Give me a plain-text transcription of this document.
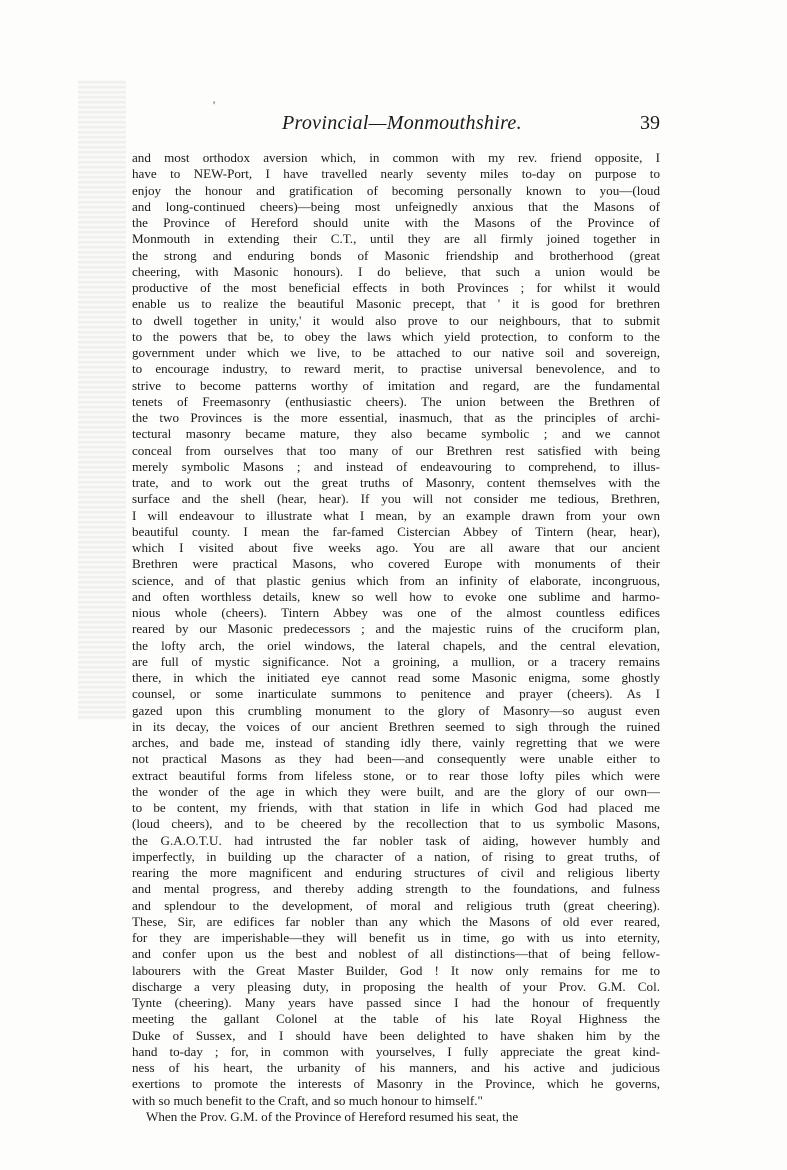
'
Provincial—Monmouthshire.	39
and most orthodox aversion which, in common with my rev. friend opposite, I
have to NEW-Port, I have travelled nearly seventy miles to-day on purpose to
enjoy the honour and gratification of becoming personally known to you—(loud
and long-continued cheers)—being most unfeignedly anxious that the Masons of
the Province of Hereford should unite with the Masons of the Province of
Monmouth in extending their C.T., until they are all firmly joined together in
the strong and enduring bonds of Masonic friendship and brotherhood (great
cheering, with Masonic honours). I do believe, that such a union would be
productive of the most beneficial effects in both Provinces ; for whilst it would
enable us to realize the beautiful Masonic precept, that ' it is good for brethren
to dwell together in unity,' it would also prove to our neighbours, that to submit
to the powers that be, to obey the laws which yield protection, to conform to the
government under which we live, to be attached to our native soil and sovereign,
to encourage industry, to reward merit, to practise universal benevolence, and to
strive to become patterns worthy of imitation and regard, are the fundamental
tenets of Freemasonry (enthusiastic cheers). The union between the Brethren of
the two Provinces is the more essential, inasmuch, that as the principles of archi-
tectural masonry became mature, they also became symbolic ; and we cannot
conceal from ourselves that too many of our Brethren rest satisfied with being
merely symbolic Masons ; and instead of endeavouring to comprehend, to illus-
trate, and to work out the great truths of Masonry, content themselves with the
surface and the shell (hear, hear). If you will not consider me tedious, Brethren,
I will endeavour to illustrate what I mean, by an example drawn from your own
beautiful county. I mean the far-famed Cistercian Abbey of Tintern (hear, hear),
which I visited about five weeks ago. You are all aware that our ancient
Brethren were practical Masons, who covered Europe with monuments of their
science, and of that plastic genius which from an infinity of elaborate, incongruous,
and often worthless details, knew so well how to evoke one sublime and harmo-
nious whole (cheers). Tintern Abbey was one of the almost countless edifices
reared by our Masonic predecessors ; and the majestic ruins of the cruciform plan,
the lofty arch, the oriel windows, the lateral chapels, and the central elevation,
are full of mystic significance. Not a groining, a mullion, or a tracery remains
there, in which the initiated eye cannot read some Masonic enigma, some ghostly
counsel, or some inarticulate summons to penitence and prayer (cheers). As I
gazed upon this crumbling monument to the glory of Masonry—so august even
in its decay, the voices of our ancient Brethren seemed to sigh through the ruined
arches, and bade me, instead of standing idly there, vainly regretting that we were
not practical Masons as they had been—and consequently were unable either to
extract beautiful forms from lifeless stone, or to rear those lofty piles which were
the wonder of the age in which they were built, and are the glory of our own—
to be content, my friends, with that station in life in which God had placed me
(loud cheers), and to be cheered by the recollection that to us symbolic Masons,
the G.A.O.T.U. had intrusted the far nobler task of aiding, however humbly and
imperfectly, in building up the character of a nation, of rising to great truths, of
rearing the more magnificent and enduring structures of civil and religious liberty
and mental progress, and thereby adding strength to the foundations, and fulness
and splendour to the development, of moral and religious truth (great cheering).
These, Sir, are edifices far nobler than any which the Masons of old ever reared,
for they are imperishable—they will benefit us in time, go with us into eternity,
and confer upon us the best and noblest of all distinctions—that of being fellow-
labourers with the Great Master Builder, God ! It now only remains for me to
discharge a very pleasing duty, in proposing the health of your Prov. G.M. Col.
Tynte (cheering). Many years have passed since I had the honour of frequently
meeting the gallant Colonel at the table of his late Royal Highness the
Duke of Sussex, and I should have been delighted to have shaken him by the
hand to-day ; for, in common with yourselves, I fully appreciate the great kind-
ness of his heart, the urbanity of his manners, and his active and judicious
exertions to promote the interests of Masonry in the Province, which he governs,
with so much benefit to the Craft, and so much honour to himself."
When the Prov. G.M. of the Province of Hereford resumed his seat, the
